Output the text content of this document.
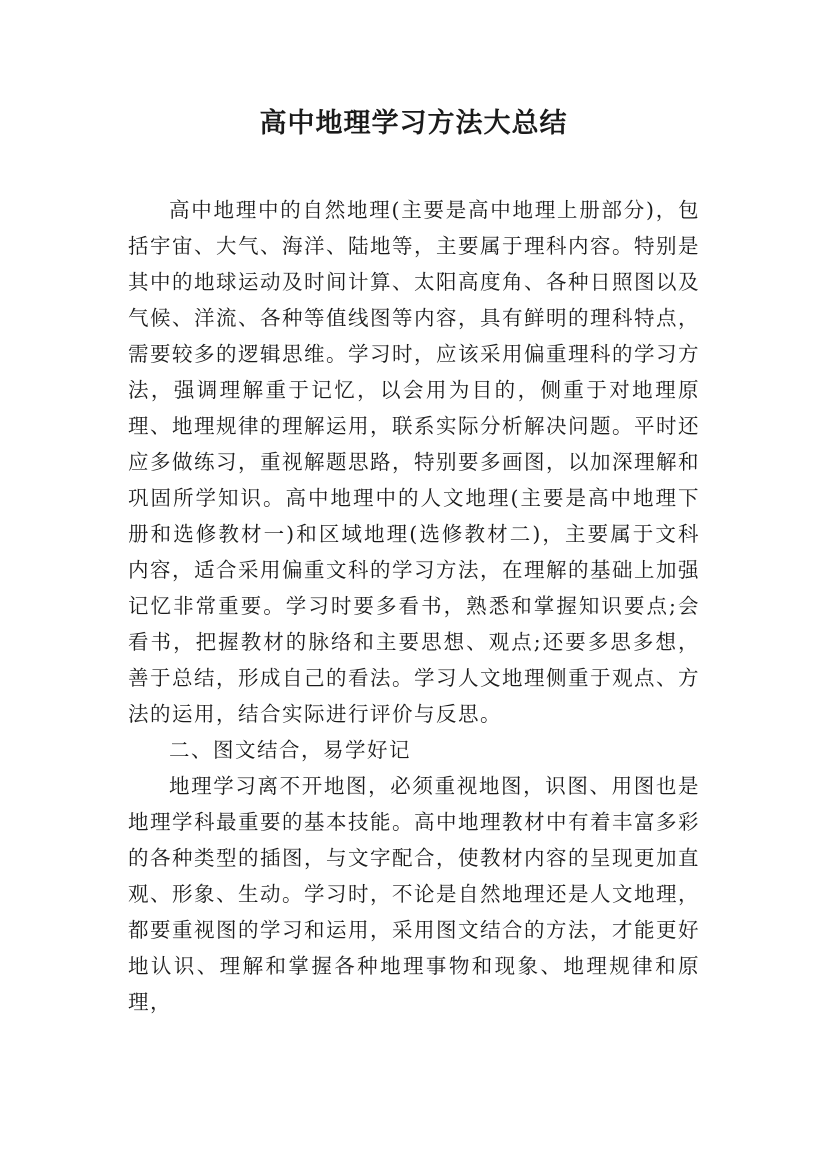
高中地理学习方法大总结

高中地理中的自然地理(主要是高中地理上册部分)，包括宇宙、大气、海洋、陆地等，主要属于理科内容。特别是其中的地球运动及时间计算、太阳高度角、各种日照图以及气候、洋流、各种等值线图等内容，具有鲜明的理科特点，需要较多的逻辑思维。学习时，应该采用偏重理科的学习方法，强调理解重于记忆，以会用为目的，侧重于对地理原理、地理规律的理解运用，联系实际分析解决问题。平时还应多做练习，重视解题思路，特别要多画图，以加深理解和巩固所学知识。高中地理中的人文地理(主要是高中地理下册和选修教材一)和区域地理(选修教材二)，主要属于文科内容，适合采用偏重文科的学习方法，在理解的基础上加强记忆非常重要。学习时要多看书，熟悉和掌握知识要点;会看书，把握教材的脉络和主要思想、观点;还要多思多想，善于总结，形成自己的看法。学习人文地理侧重于观点、方法的运用，结合实际进行评价与反思。

二、图文结合，易学好记

地理学习离不开地图，必须重视地图，识图、用图也是地理学科最重要的基本技能。高中地理教材中有着丰富多彩的各种类型的插图，与文字配合，使教材内容的呈现更加直观、形象、生动。学习时，不论是自然地理还是人文地理，都要重视图的学习和运用，采用图文结合的方法，才能更好地认识、理解和掌握各种地理事物和现象、地理规律和原理，
